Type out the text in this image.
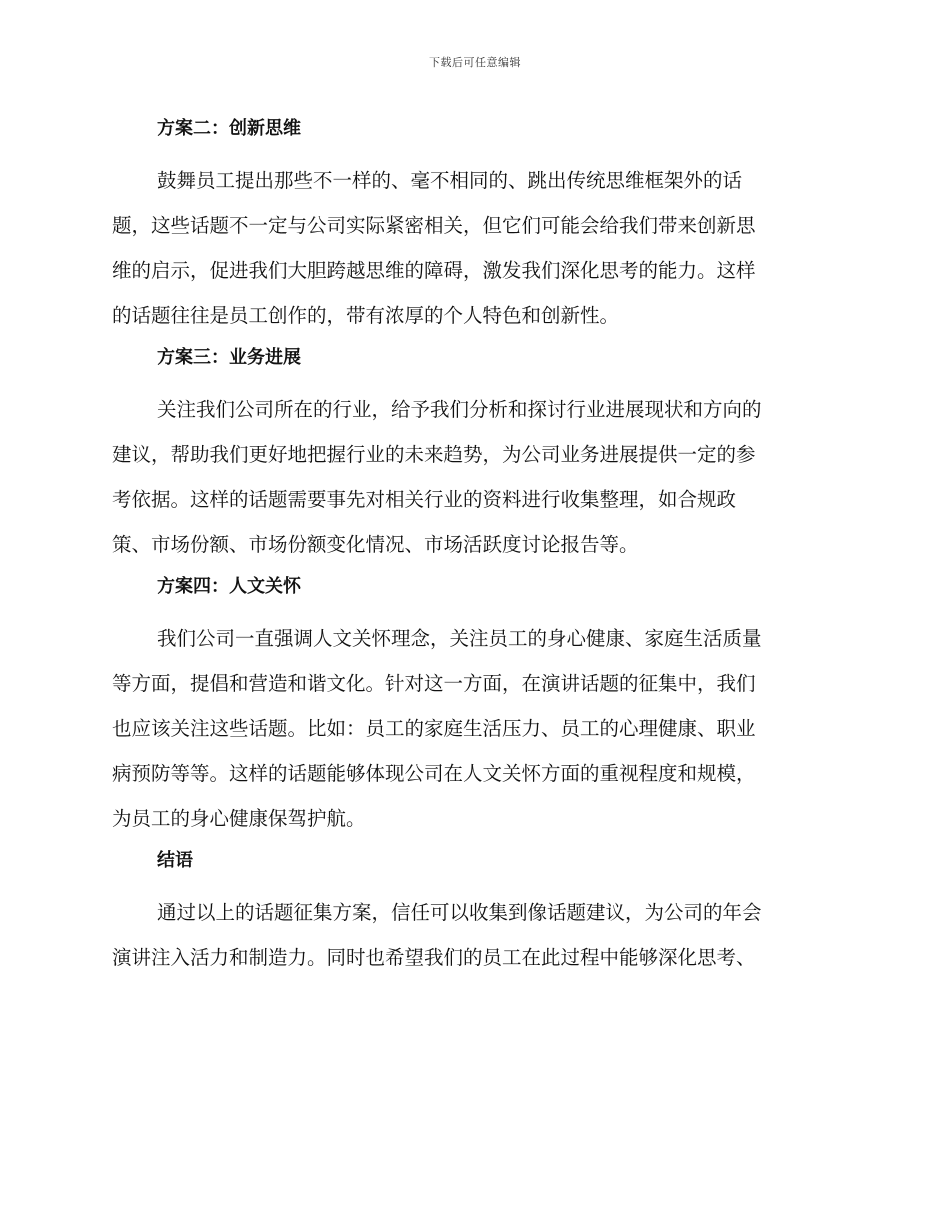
下载后可任意编辑
方案二：创新思维
鼓舞员工提出那些不一样的、毫不相同的、跳出传统思维框架外的话
题，这些话题不一定与公司实际紧密相关，但它们可能会给我们带来创新思
维的启示，促进我们大胆跨越思维的障碍，激发我们深化思考的能力。这样
的话题往往是员工创作的，带有浓厚的个人特色和创新性。
方案三：业务进展
关注我们公司所在的行业，给予我们分析和探讨行业进展现状和方向的
建议，帮助我们更好地把握行业的未来趋势，为公司业务进展提供一定的参
考依据。这样的话题需要事先对相关行业的资料进行收集整理，如合规政
策、市场份额、市场份额变化情况、市场活跃度讨论报告等。
方案四：人文关怀
我们公司一直强调人文关怀理念，关注员工的身心健康、家庭生活质量
等方面，提倡和营造和谐文化。针对这一方面，在演讲话题的征集中，我们
也应该关注这些话题。比如：员工的家庭生活压力、员工的心理健康、职业
病预防等等。这样的话题能够体现公司在人文关怀方面的重视程度和规模，
为员工的身心健康保驾护航。
结语
通过以上的话题征集方案，信任可以收集到像话题建议，为公司的年会
演讲注入活力和制造力。同时也希望我们的员工在此过程中能够深化思考、
